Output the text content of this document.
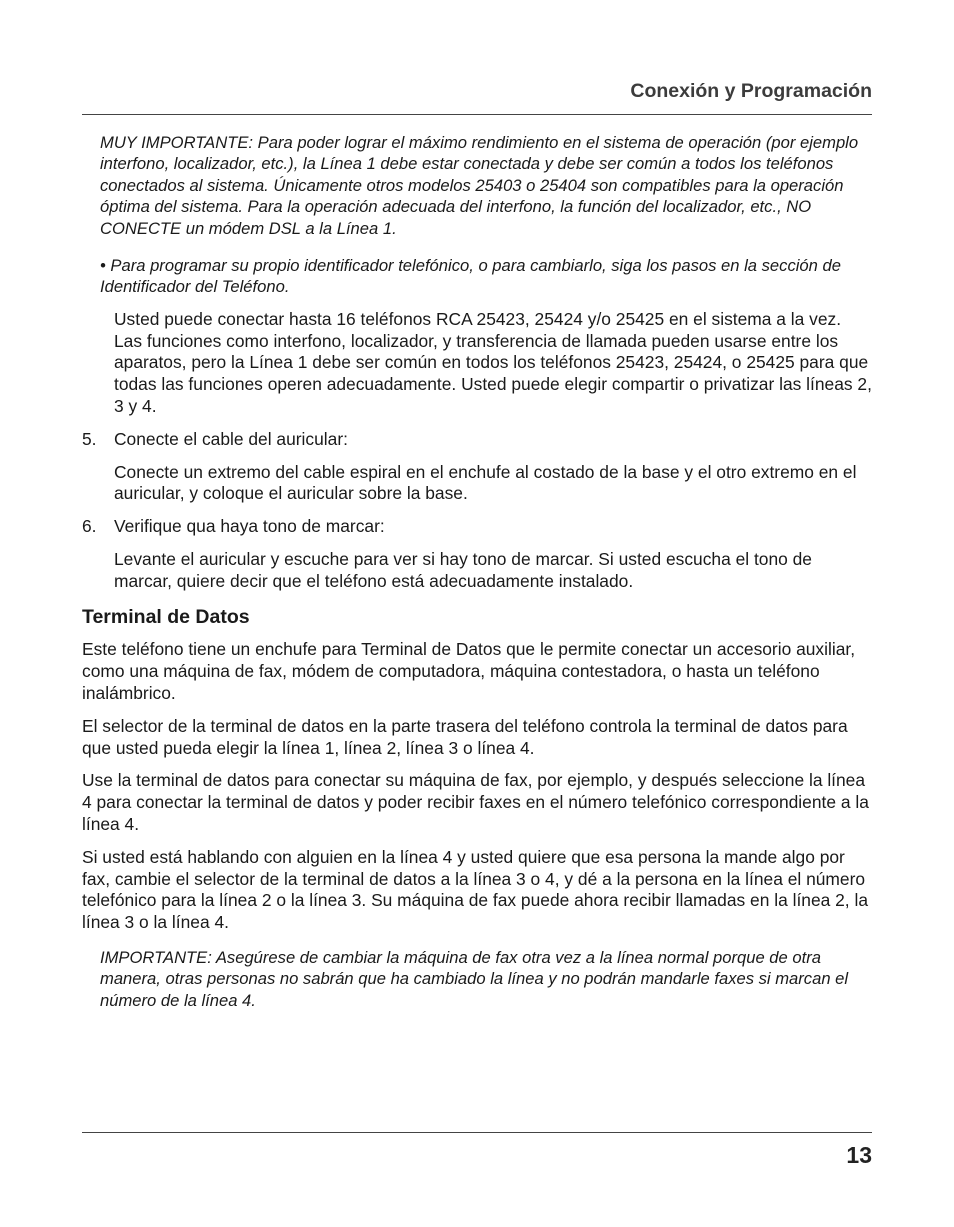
Conexión y Programación

MUY IMPORTANTE: Para poder lograr el máximo rendimiento en el sistema de operación (por ejemplo interfono, localizador, etc.), la Línea 1 debe estar conectada y debe ser común a todos los teléfonos conectados al sistema. Únicamente otros modelos 25403 o 25404 son compatibles para la operación óptima del sistema. Para la operación adecuada del interfono, la función del localizador, etc., NO CONECTE un módem DSL a la Línea 1.

• Para programar su propio identificador telefónico, o para cambiarlo, siga los pasos en la sección de Identificador del Teléfono.

Usted puede conectar hasta 16 teléfonos RCA 25423, 25424 y/o 25425 en el sistema a la vez. Las funciones como interfono, localizador, y transferencia de llamada pueden usarse entre los aparatos, pero la Línea 1 debe ser común en todos los teléfonos 25423, 25424, o 25425 para que todas las funciones operen adecuadamente. Usted puede elegir compartir o privatizar las líneas 2, 3 y 4.

5.	Conecte el cable del auricular:

Conecte un extremo del cable espiral en el enchufe al costado de la base y el otro extremo en el auricular, y coloque el auricular sobre la base.

6.	Verifique qua haya tono de marcar:

Levante el auricular y escuche para ver si hay tono de marcar. Si usted escucha el tono de marcar, quiere decir que el teléfono está adecuadamente instalado.

Terminal de Datos

Este teléfono tiene un enchufe para Terminal de Datos que le permite conectar un accesorio auxiliar, como una máquina de fax, módem de computadora, máquina contestadora, o hasta un teléfono inalámbrico.

El selector de la terminal de datos en la parte trasera del teléfono controla la terminal de datos para que usted pueda elegir la línea 1, línea 2, línea 3 o línea 4.

Use la terminal de datos para conectar su máquina de fax, por ejemplo, y después seleccione la línea 4 para conectar la terminal de datos y poder recibir faxes en el número telefónico correspondiente a la línea 4.

Si usted está hablando con alguien en la línea 4 y usted quiere que esa persona la mande algo por fax, cambie el selector de la terminal de datos a la línea 3 o 4, y dé a la persona en la línea el número telefónico para la línea 2 o la línea 3. Su máquina de fax puede ahora recibir llamadas en la línea 2, la línea 3 o la línea 4.

IMPORTANTE: Asegúrese de cambiar la máquina de fax otra vez a la línea normal porque de otra manera, otras personas no sabrán que ha cambiado la línea y no podrán mandarle faxes si marcan el número de la línea 4.

13
